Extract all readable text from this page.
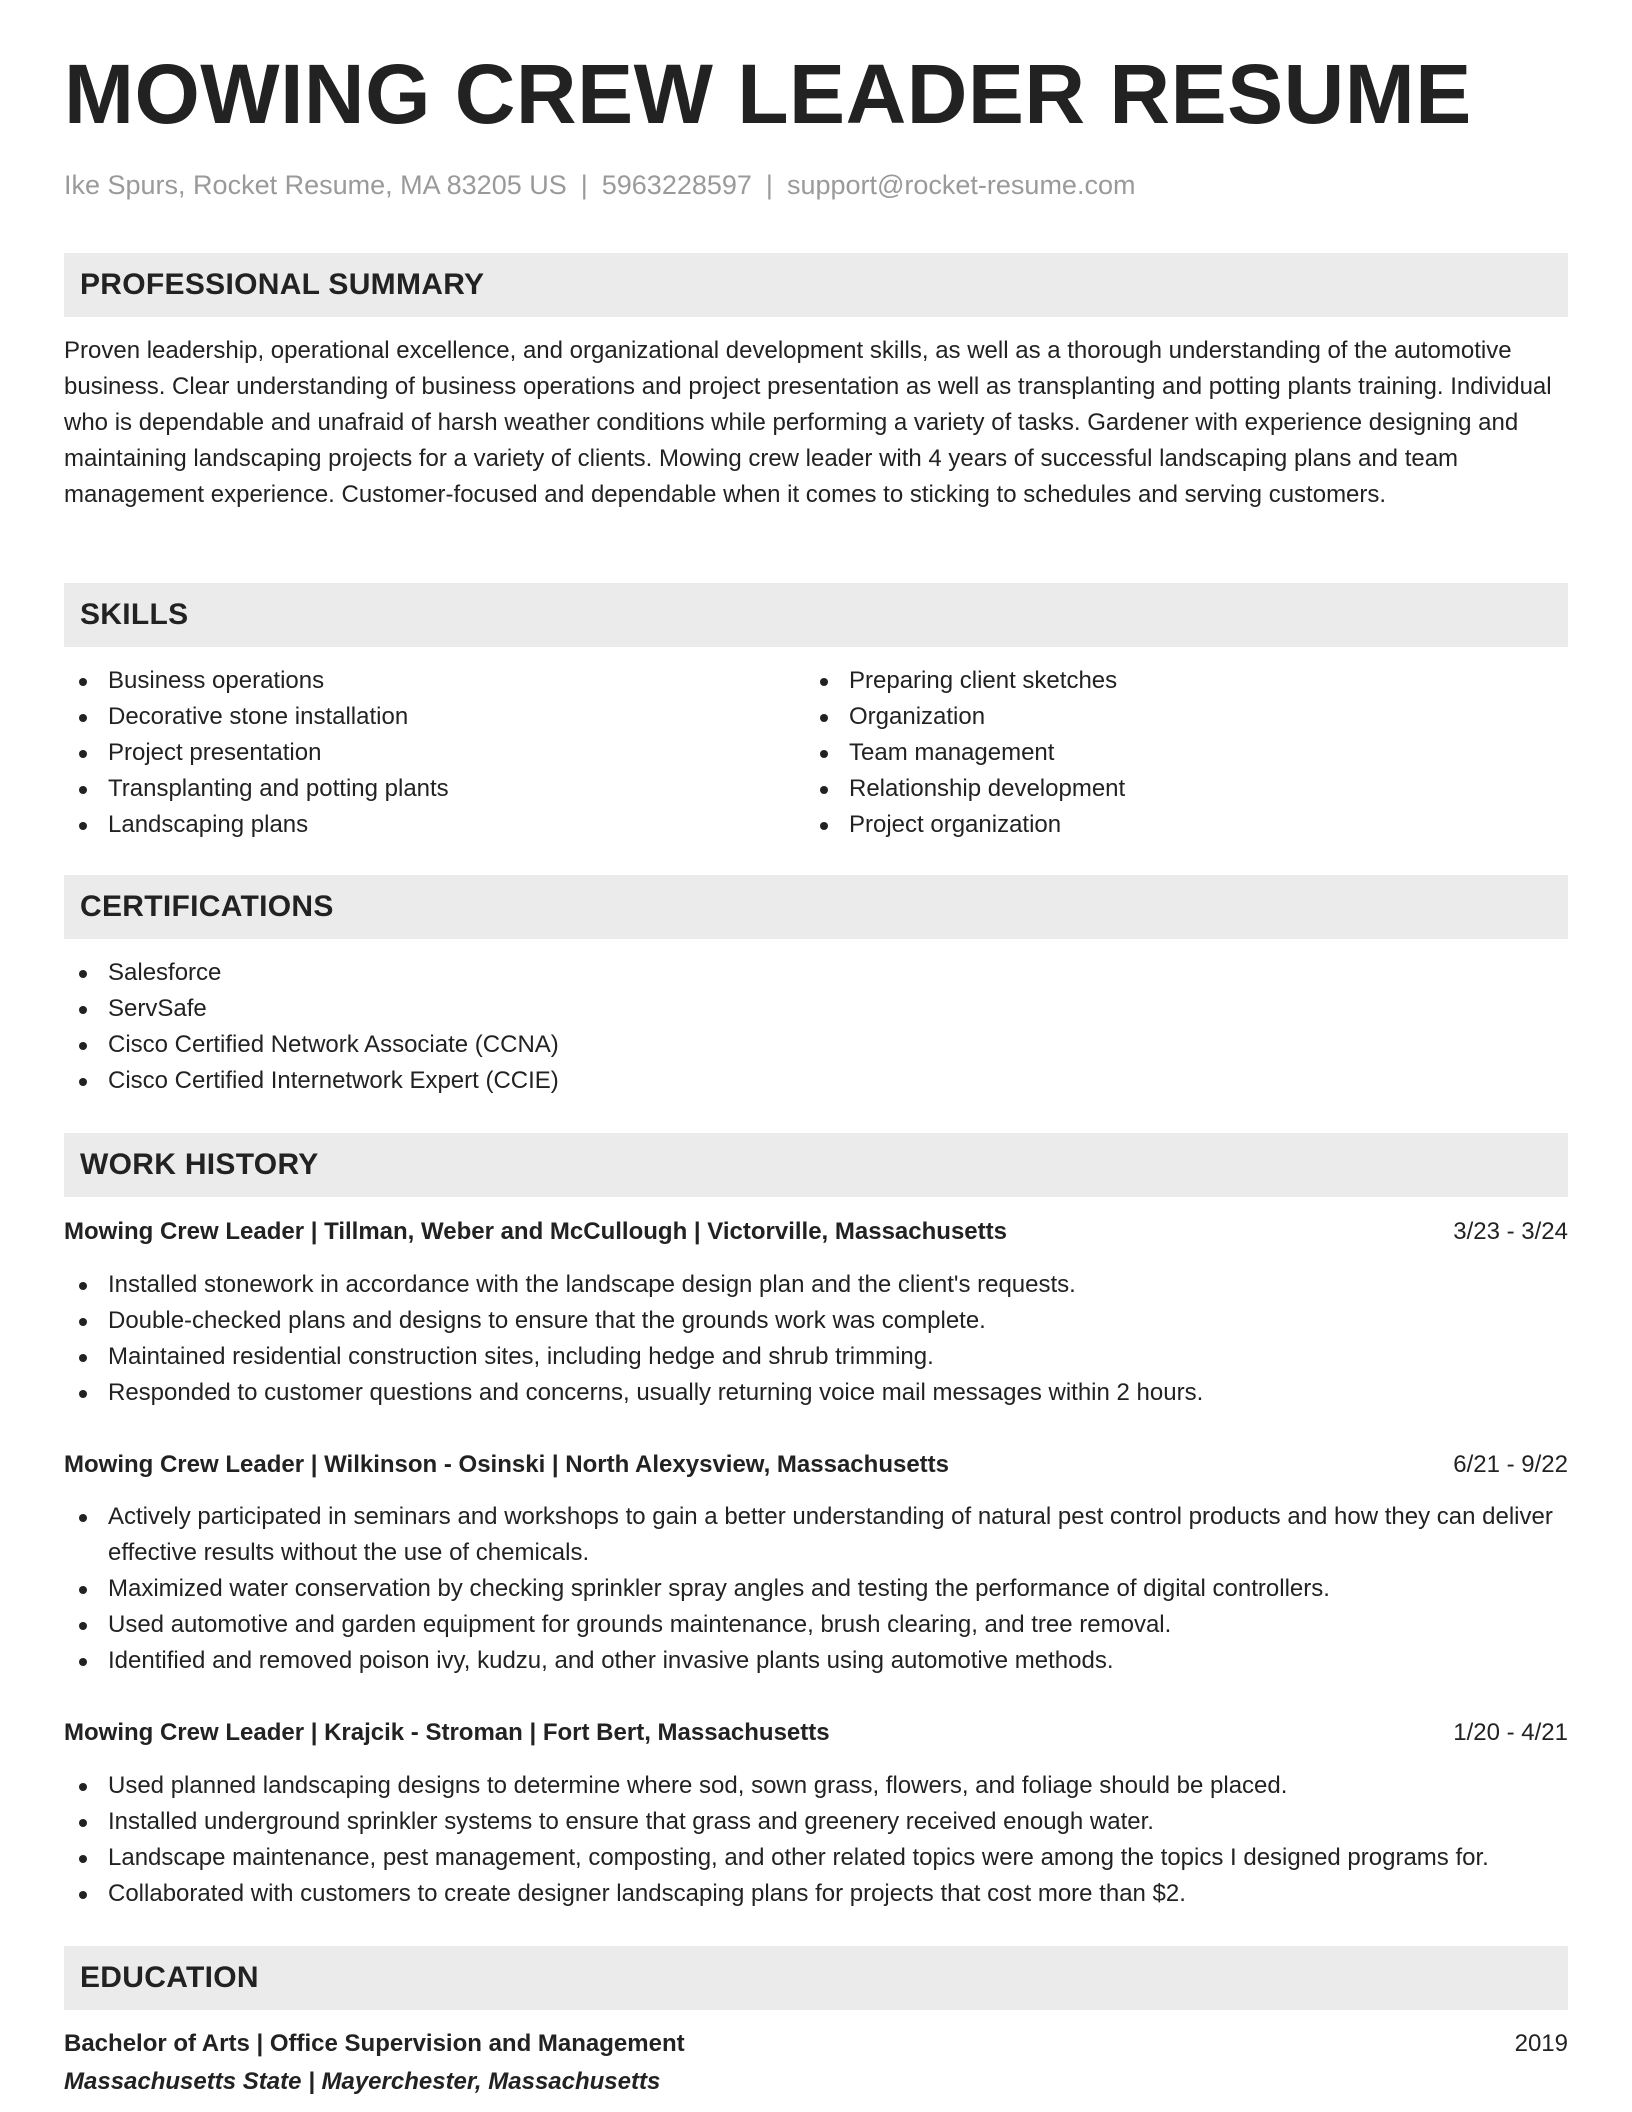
MOWING CREW LEADER RESUME
Ike Spurs, Rocket Resume, MA 83205 US | 5963228597 | support@rocket-resume.com
PROFESSIONAL SUMMARY

Proven leadership, operational excellence, and organizational development skills, as well as a thorough understanding of the automotive business. Clear understanding of business operations and project presentation as well as transplanting and potting plants training. Individual who is dependable and unafraid of harsh weather conditions while performing a variety of tasks. Gardener with experience designing and maintaining landscaping projects for a variety of clients. Mowing crew leader with 4 years of successful landscaping plans and team management experience. Customer-focused and dependable when it comes to sticking to schedules and serving customers.

SKILLS
Business operations
Decorative stone installation
Project presentation
Transplanting and potting plants
Landscaping plans
Preparing client sketches
Organization
Team management
Relationship development
Project organization
CERTIFICATIONS
Salesforce
ServSafe
Cisco Certified Network Associate (CCNA)
Cisco Certified Internetwork Expert (CCIE)
WORK HISTORY
Mowing Crew Leader | Tillman, Weber and McCullough | Victorville, Massachusetts	3/23 - 3/24
Installed stonework in accordance with the landscape design plan and the client's requests.
Double-checked plans and designs to ensure that the grounds work was complete.
Maintained residential construction sites, including hedge and shrub trimming.
Responded to customer questions and concerns, usually returning voice mail messages within 2 hours.
Mowing Crew Leader | Wilkinson - Osinski | North Alexysview, Massachusetts	6/21 - 9/22
Actively participated in seminars and workshops to gain a better understanding of natural pest control products and how they can deliver effective results without the use of chemicals.
Maximized water conservation by checking sprinkler spray angles and testing the performance of digital controllers.
Used automotive and garden equipment for grounds maintenance, brush clearing, and tree removal.
Identified and removed poison ivy, kudzu, and other invasive plants using automotive methods.
Mowing Crew Leader | Krajcik - Stroman | Fort Bert, Massachusetts	1/20 - 4/21
Used planned landscaping designs to determine where sod, sown grass, flowers, and foliage should be placed.
Installed underground sprinkler systems to ensure that grass and greenery received enough water.
Landscape maintenance, pest management, composting, and other related topics were among the topics I designed programs for.
Collaborated with customers to create designer landscaping plans for projects that cost more than $2.
EDUCATION
Bachelor of Arts | Office Supervision and Management	2019
Massachusetts State | Mayerchester, Massachusetts
